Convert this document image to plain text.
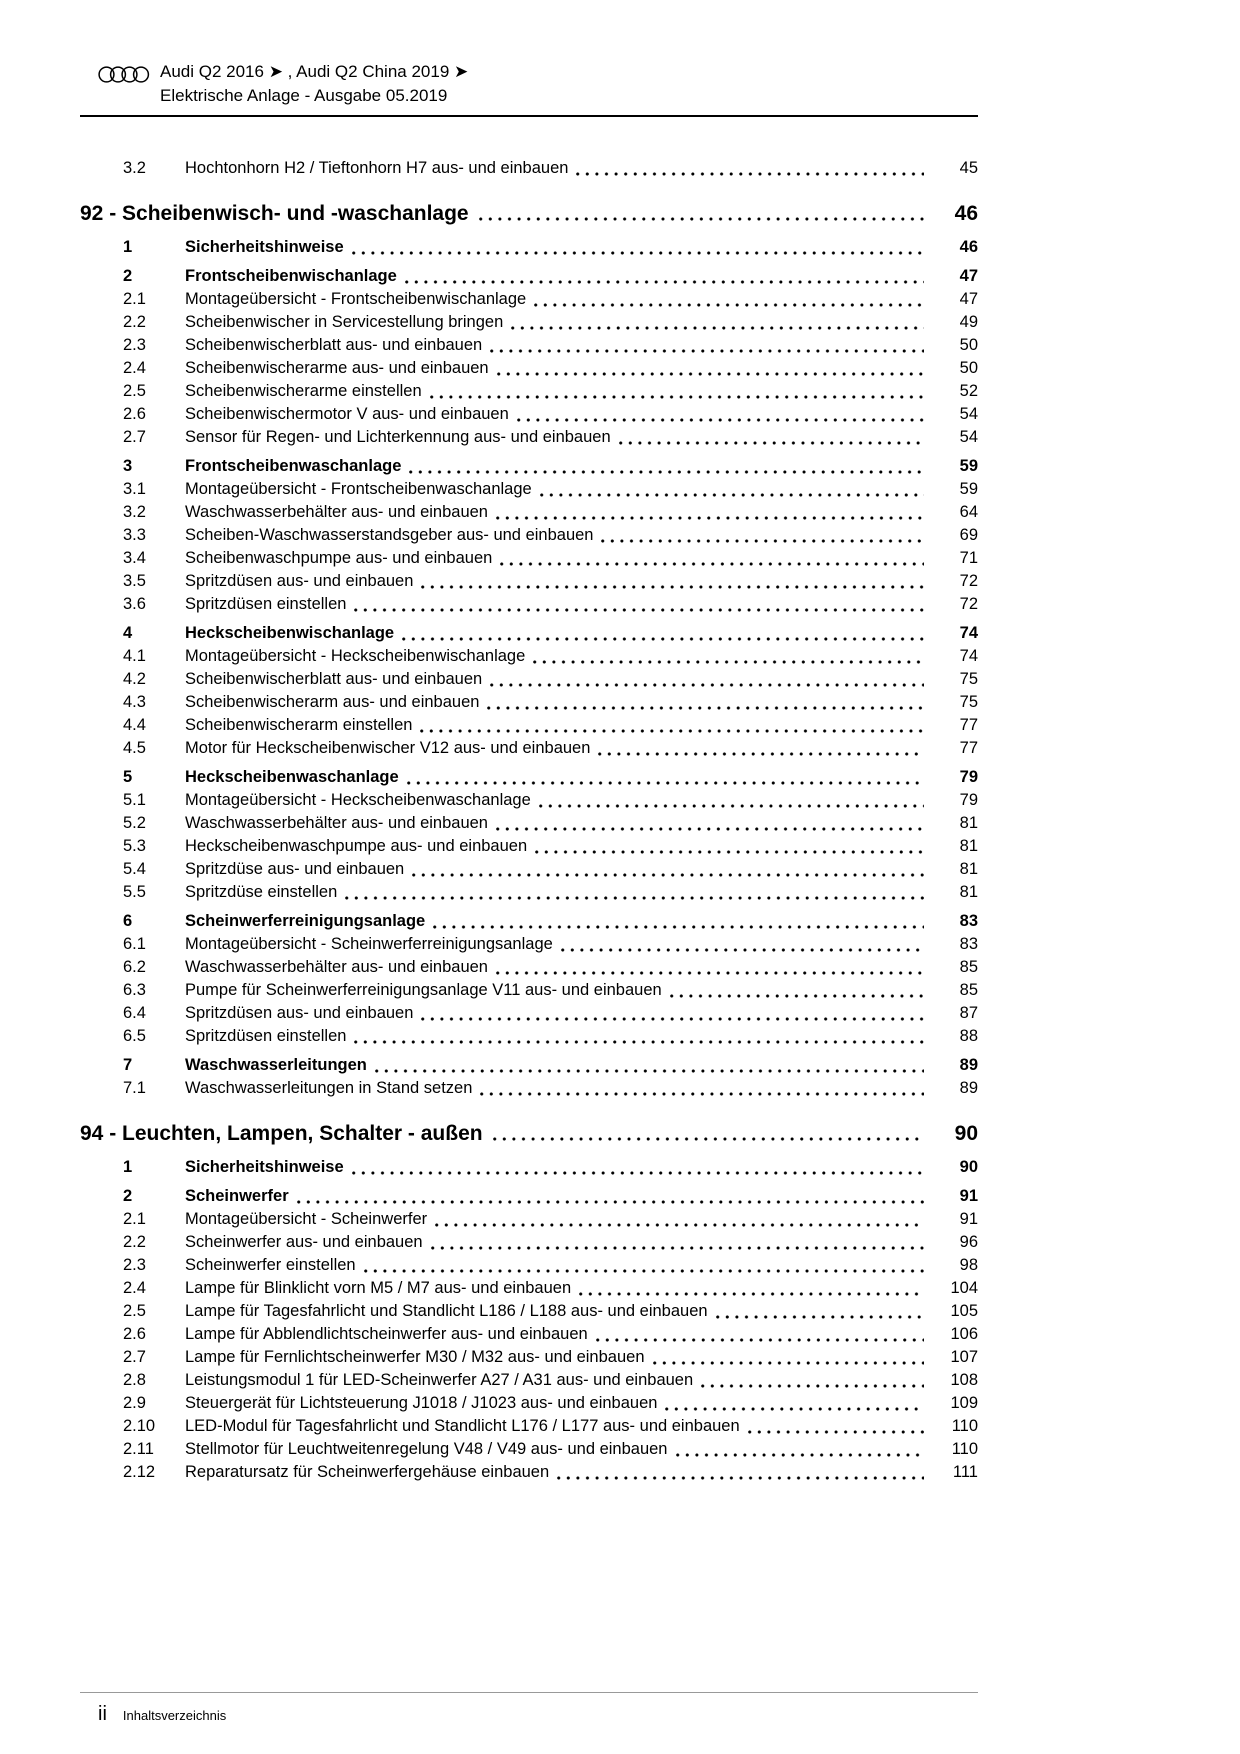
Audi Q2 2016 ➤ , Audi Q2 China 2019 ➤
Elektrische Anlage - Ausgabe 05.2019
3.2	Hochtonhorn H2 / Tieftonhorn H7 aus- und einbauen	45
92 - Scheibenwisch- und -waschanlage	46
1	Sicherheitshinweise	46
2	Frontscheibenwischanlage	47
2.1	Montageübersicht - Frontscheibenwischanlage	47
2.2	Scheibenwischer in Servicestellung bringen	49
2.3	Scheibenwischerblatt aus- und einbauen	50
2.4	Scheibenwischerarme aus- und einbauen	50
2.5	Scheibenwischerarme einstellen	52
2.6	Scheibenwischermotor V aus- und einbauen	54
2.7	Sensor für Regen- und Lichterkennung aus- und einbauen	54
3	Frontscheibenwaschanlage	59
3.1	Montageübersicht - Frontscheibenwaschanlage	59
3.2	Waschwasserbehälter aus- und einbauen	64
3.3	Scheiben-Waschwasserstandsgeber aus- und einbauen	69
3.4	Scheibenwaschpumpe aus- und einbauen	71
3.5	Spritzdüsen aus- und einbauen	72
3.6	Spritzdüsen einstellen	72
4	Heckscheibenwischanlage	74
4.1	Montageübersicht - Heckscheibenwischanlage	74
4.2	Scheibenwischerblatt aus- und einbauen	75
4.3	Scheibenwischerarm aus- und einbauen	75
4.4	Scheibenwischerarm einstellen	77
4.5	Motor für Heckscheibenwischer V12 aus- und einbauen	77
5	Heckscheibenwaschanlage	79
5.1	Montageübersicht - Heckscheibenwaschanlage	79
5.2	Waschwasserbehälter aus- und einbauen	81
5.3	Heckscheibenwaschpumpe aus- und einbauen	81
5.4	Spritzdüse aus- und einbauen	81
5.5	Spritzdüse einstellen	81
6	Scheinwerferreinigungsanlage	83
6.1	Montageübersicht - Scheinwerferreinigungsanlage	83
6.2	Waschwasserbehälter aus- und einbauen	85
6.3	Pumpe für Scheinwerferreinigungsanlage V11 aus- und einbauen	85
6.4	Spritzdüsen aus- und einbauen	87
6.5	Spritzdüsen einstellen	88
7	Waschwasserleitungen	89
7.1	Waschwasserleitungen in Stand setzen	89
94 - Leuchten, Lampen, Schalter - außen	90
1	Sicherheitshinweise	90
2	Scheinwerfer	91
2.1	Montageübersicht - Scheinwerfer	91
2.2	Scheinwerfer aus- und einbauen	96
2.3	Scheinwerfer einstellen	98
2.4	Lampe für Blinklicht vorn M5 / M7 aus- und einbauen	104
2.5	Lampe für Tagesfahrlicht und Standlicht L186 / L188 aus- und einbauen	105
2.6	Lampe für Abblendlichtscheinwerfer aus- und einbauen	106
2.7	Lampe für Fernlichtscheinwerfer M30 / M32 aus- und einbauen	107
2.8	Leistungsmodul 1 für LED-Scheinwerfer A27 / A31 aus- und einbauen	108
2.9	Steuergerät für Lichtsteuerung J1018 / J1023 aus- und einbauen	109
2.10	LED-Modul für Tagesfahrlicht und Standlicht L176 / L177 aus- und einbauen	110
2.11	Stellmotor für Leuchtweitenregelung V48 / V49 aus- und einbauen	110
2.12	Reparatursatz für Scheinwerfergehäuse einbauen	111
ii Inhaltsverzeichnis
